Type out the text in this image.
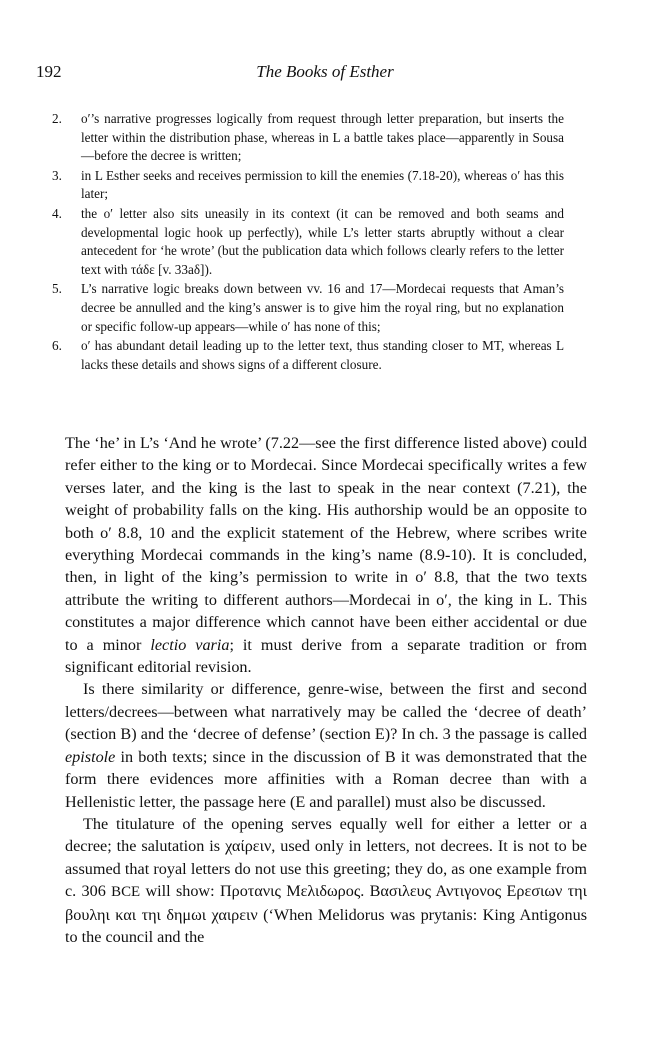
192	The Books of Esther
2. o′’s narrative progresses logically from request through letter preparation, but inserts the letter within the distribution phase, whereas in L a battle takes place—apparently in Sousa—before the decree is written;
3. in L Esther seeks and receives permission to kill the enemies (7.18-20), whereas o′ has this later;
4. the o′ letter also sits uneasily in its context (it can be removed and both seams and developmental logic hook up perfectly), while L’s letter starts abruptly without a clear antecedent for ‘he wrote’ (but the publication data which follows clearly refers to the letter text with τάδε [v. 33aδ]).
5. L’s narrative logic breaks down between vv. 16 and 17—Mordecai requests that Aman’s decree be annulled and the king’s answer is to give him the royal ring, but no explanation or specific follow-up appears—while o′ has none of this;
6. o′ has abundant detail leading up to the letter text, thus standing closer to MT, whereas L lacks these details and shows signs of a different closure.

The ‘he’ in L’s ‘And he wrote’ (7.22—see the first difference listed above) could refer either to the king or to Mordecai. Since Mordecai specifically writes a few verses later, and the king is the last to speak in the near context (7.21), the weight of probability falls on the king. His authorship would be an opposite to both o′ 8.8, 10 and the explicit statement of the Hebrew, where scribes write everything Mordecai commands in the king’s name (8.9-10). It is concluded, then, in light of the king’s permission to write in o′ 8.8, that the two texts attribute the writing to different authors—Mordecai in o′, the king in L. This constitutes a major difference which cannot have been either accidental or due to a minor lectio varia; it must derive from a separate tradition or from significant editorial revision.

Is there similarity or difference, genre-wise, between the first and second letters/decrees—between what narratively may be called the ‘decree of death’ (section B) and the ‘decree of defense’ (section E)? In ch. 3 the passage is called epistole in both texts; since in the discussion of B it was demonstrated that the form there evidences more affinities with a Roman decree than with a Hellenistic letter, the passage here (E and parallel) must also be discussed.

The titulature of the opening serves equally well for either a letter or a decree; the salutation is χαίρειν, used only in letters, not decrees. It is not to be assumed that royal letters do not use this greeting; they do, as one example from c. 306 BCE will show: Πρoτανις Μελιδωρoς. Βασιλευς Αντιγoνoς Ερεσιων τηι βoυληι και τηι δημωι χαιρειν (‘When Melidorus was prytanis: King Antigonus to the council and the
